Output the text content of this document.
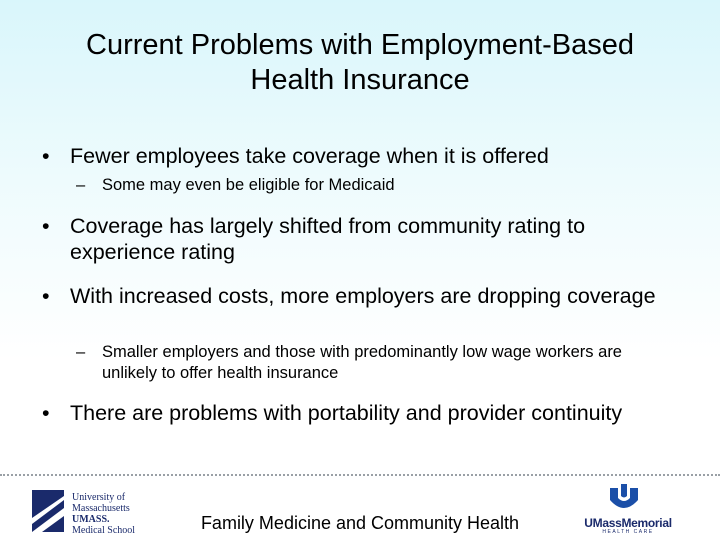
Current Problems with Employment-Based
Health Insurance
• Fewer employees take coverage when it is offered
– Some may even be eligible for Medicaid
• Coverage has largely shifted from community rating to experience rating
• With increased costs, more employers are dropping coverage
– Smaller employers and those with predominantly low wage workers are unlikely to offer health insurance
• There are problems with portability and provider continuity
University of
Massachusetts
UMASS. Medical School	Family Medicine and Community Health	UMassMemorial
HEALTH CARE
